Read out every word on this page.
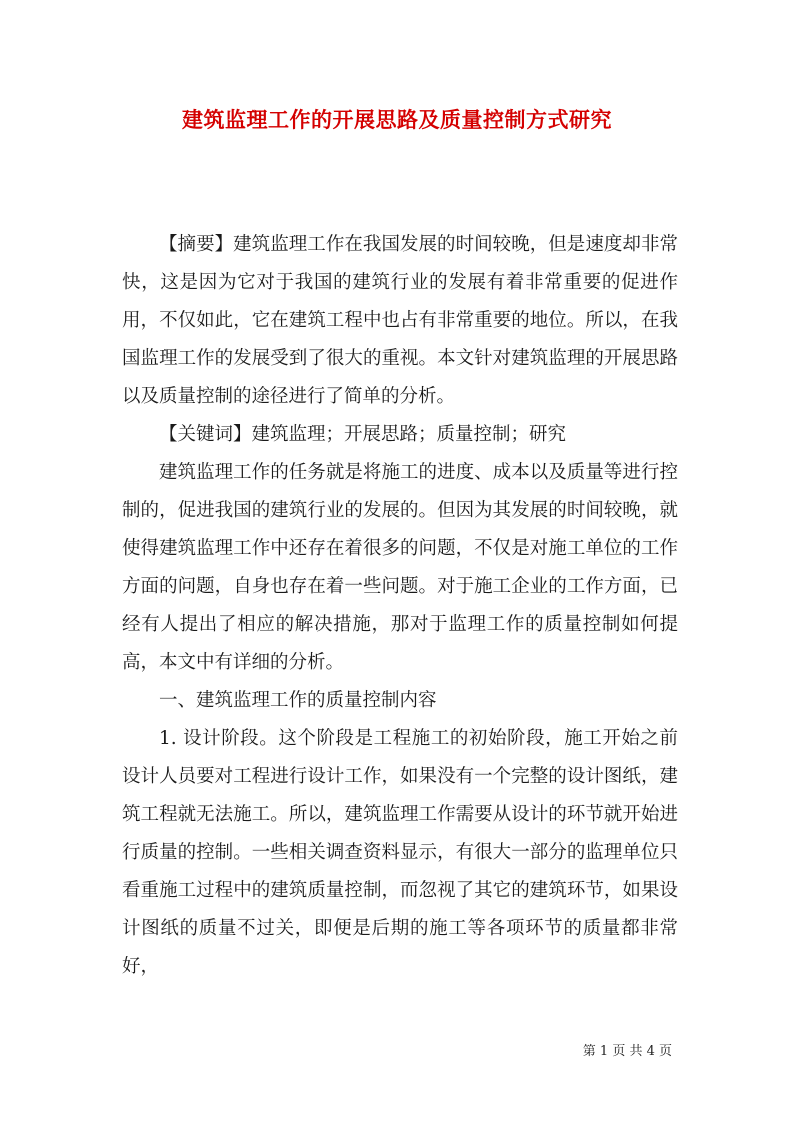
建筑监理工作的开展思路及质量控制方式研究

【摘要】建筑监理工作在我国发展的时间较晚，但是速度却非常快，这是因为它对于我国的建筑行业的发展有着非常重要的促进作用，不仅如此，它在建筑工程中也占有非常重要的地位。所以，在我国监理工作的发展受到了很大的重视。本文针对建筑监理的开展思路以及质量控制的途径进行了简单的分析。

【关键词】建筑监理；开展思路；质量控制；研究

建筑监理工作的任务就是将施工的进度、成本以及质量等进行控制的，促进我国的建筑行业的发展的。但因为其发展的时间较晚，就使得建筑监理工作中还存在着很多的问题，不仅是对施工单位的工作方面的问题，自身也存在着一些问题。对于施工企业的工作方面，已经有人提出了相应的解决措施，那对于监理工作的质量控制如何提高，本文中有详细的分析。

一、建筑监理工作的质量控制内容

1. 设计阶段。这个阶段是工程施工的初始阶段，施工开始之前设计人员要对工程进行设计工作，如果没有一个完整的设计图纸，建筑工程就无法施工。所以，建筑监理工作需要从设计的环节就开始进行质量的控制。一些相关调查资料显示，有很大一部分的监理单位只看重施工过程中的建筑质量控制，而忽视了其它的建筑环节，如果设计图纸的质量不过关，即便是后期的施工等各项环节的质量都非常好，

第 1 页 共 4 页
